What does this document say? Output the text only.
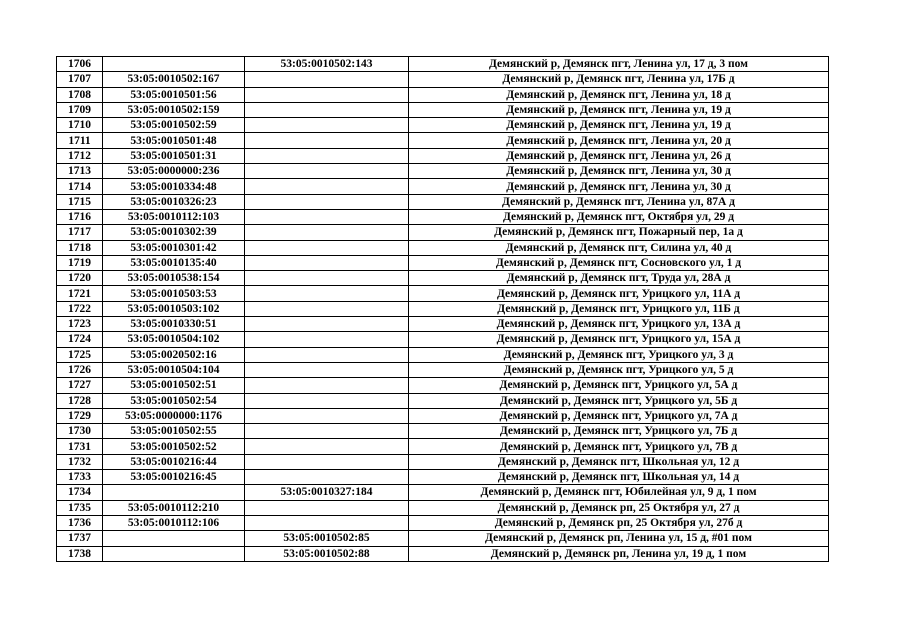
1706		53:05:0010502:143	Демянский р, Демянск пгт, Ленина ул, 17 д, 3 пом
1707	53:05:0010502:167		Демянский р, Демянск пгт, Ленина ул, 17Б д
1708	53:05:0010501:56		Демянский р, Демянск пгт, Ленина ул, 18 д
1709	53:05:0010502:159		Демянский р, Демянск пгт, Ленина ул, 19 д
1710	53:05:0010502:59		Демянский р, Демянск пгт, Ленина ул, 19 д
1711	53:05:0010501:48		Демянский р, Демянск пгт, Ленина ул, 20 д
1712	53:05:0010501:31		Демянский р, Демянск пгт, Ленина ул, 26 д
1713	53:05:0000000:236		Демянский р, Демянск пгт, Ленина ул, 30 д
1714	53:05:0010334:48		Демянский р, Демянск пгт, Ленина ул, 30 д
1715	53:05:0010326:23		Демянский р, Демянск пгт, Ленина ул, 87А д
1716	53:05:0010112:103		Демянский р, Демянск пгт, Октября ул, 29 д
1717	53:05:0010302:39		Демянский р, Демянск пгт, Пожарный пер, 1а д
1718	53:05:0010301:42		Демянский р, Демянск пгт, Силина ул, 40 д
1719	53:05:0010135:40		Демянский р, Демянск пгт, Сосновского ул, 1 д
1720	53:05:0010538:154		Демянский р, Демянск пгт, Труда ул, 28А д
1721	53:05:0010503:53		Демянский р, Демянск пгт, Урицкого ул, 11А д
1722	53:05:0010503:102		Демянский р, Демянск пгт, Урицкого ул, 11Б д
1723	53:05:0010330:51		Демянский р, Демянск пгт, Урицкого ул, 13А д
1724	53:05:0010504:102		Демянский р, Демянск пгт, Урицкого ул, 15А д
1725	53:05:0020502:16		Демянский р, Демянск пгт, Урицкого ул, 3 д
1726	53:05:0010504:104		Демянский р, Демянск пгт, Урицкого ул, 5 д
1727	53:05:0010502:51		Демянский р, Демянск пгт, Урицкого ул, 5А д
1728	53:05:0010502:54		Демянский р, Демянск пгт, Урицкого ул, 5Б д
1729	53:05:0000000:1176		Демянский р, Демянск пгт, Урицкого ул, 7А д
1730	53:05:0010502:55		Демянский р, Демянск пгт, Урицкого ул, 7Б д
1731	53:05:0010502:52		Демянский р, Демянск пгт, Урицкого ул, 7В д
1732	53:05:0010216:44		Демянский р, Демянск пгт, Школьная ул, 12 д
1733	53:05:0010216:45		Демянский р, Демянск пгт, Школьная ул, 14 д
1734		53:05:0010327:184	Демянский р, Демянск пгт, Юбилейная ул, 9 д, 1 пом
1735	53:05:0010112:210		Демянский р, Демянск рп, 25 Октября ул, 27 д
1736	53:05:0010112:106		Демянский р, Демянск рп, 25 Октября ул, 27б д
1737		53:05:0010502:85	Демянский р, Демянск рп, Ленина ул, 15 д, #01 пом
1738		53:05:0010502:88	Демянский р, Демянск рп, Ленина ул, 19 д, 1 пом
